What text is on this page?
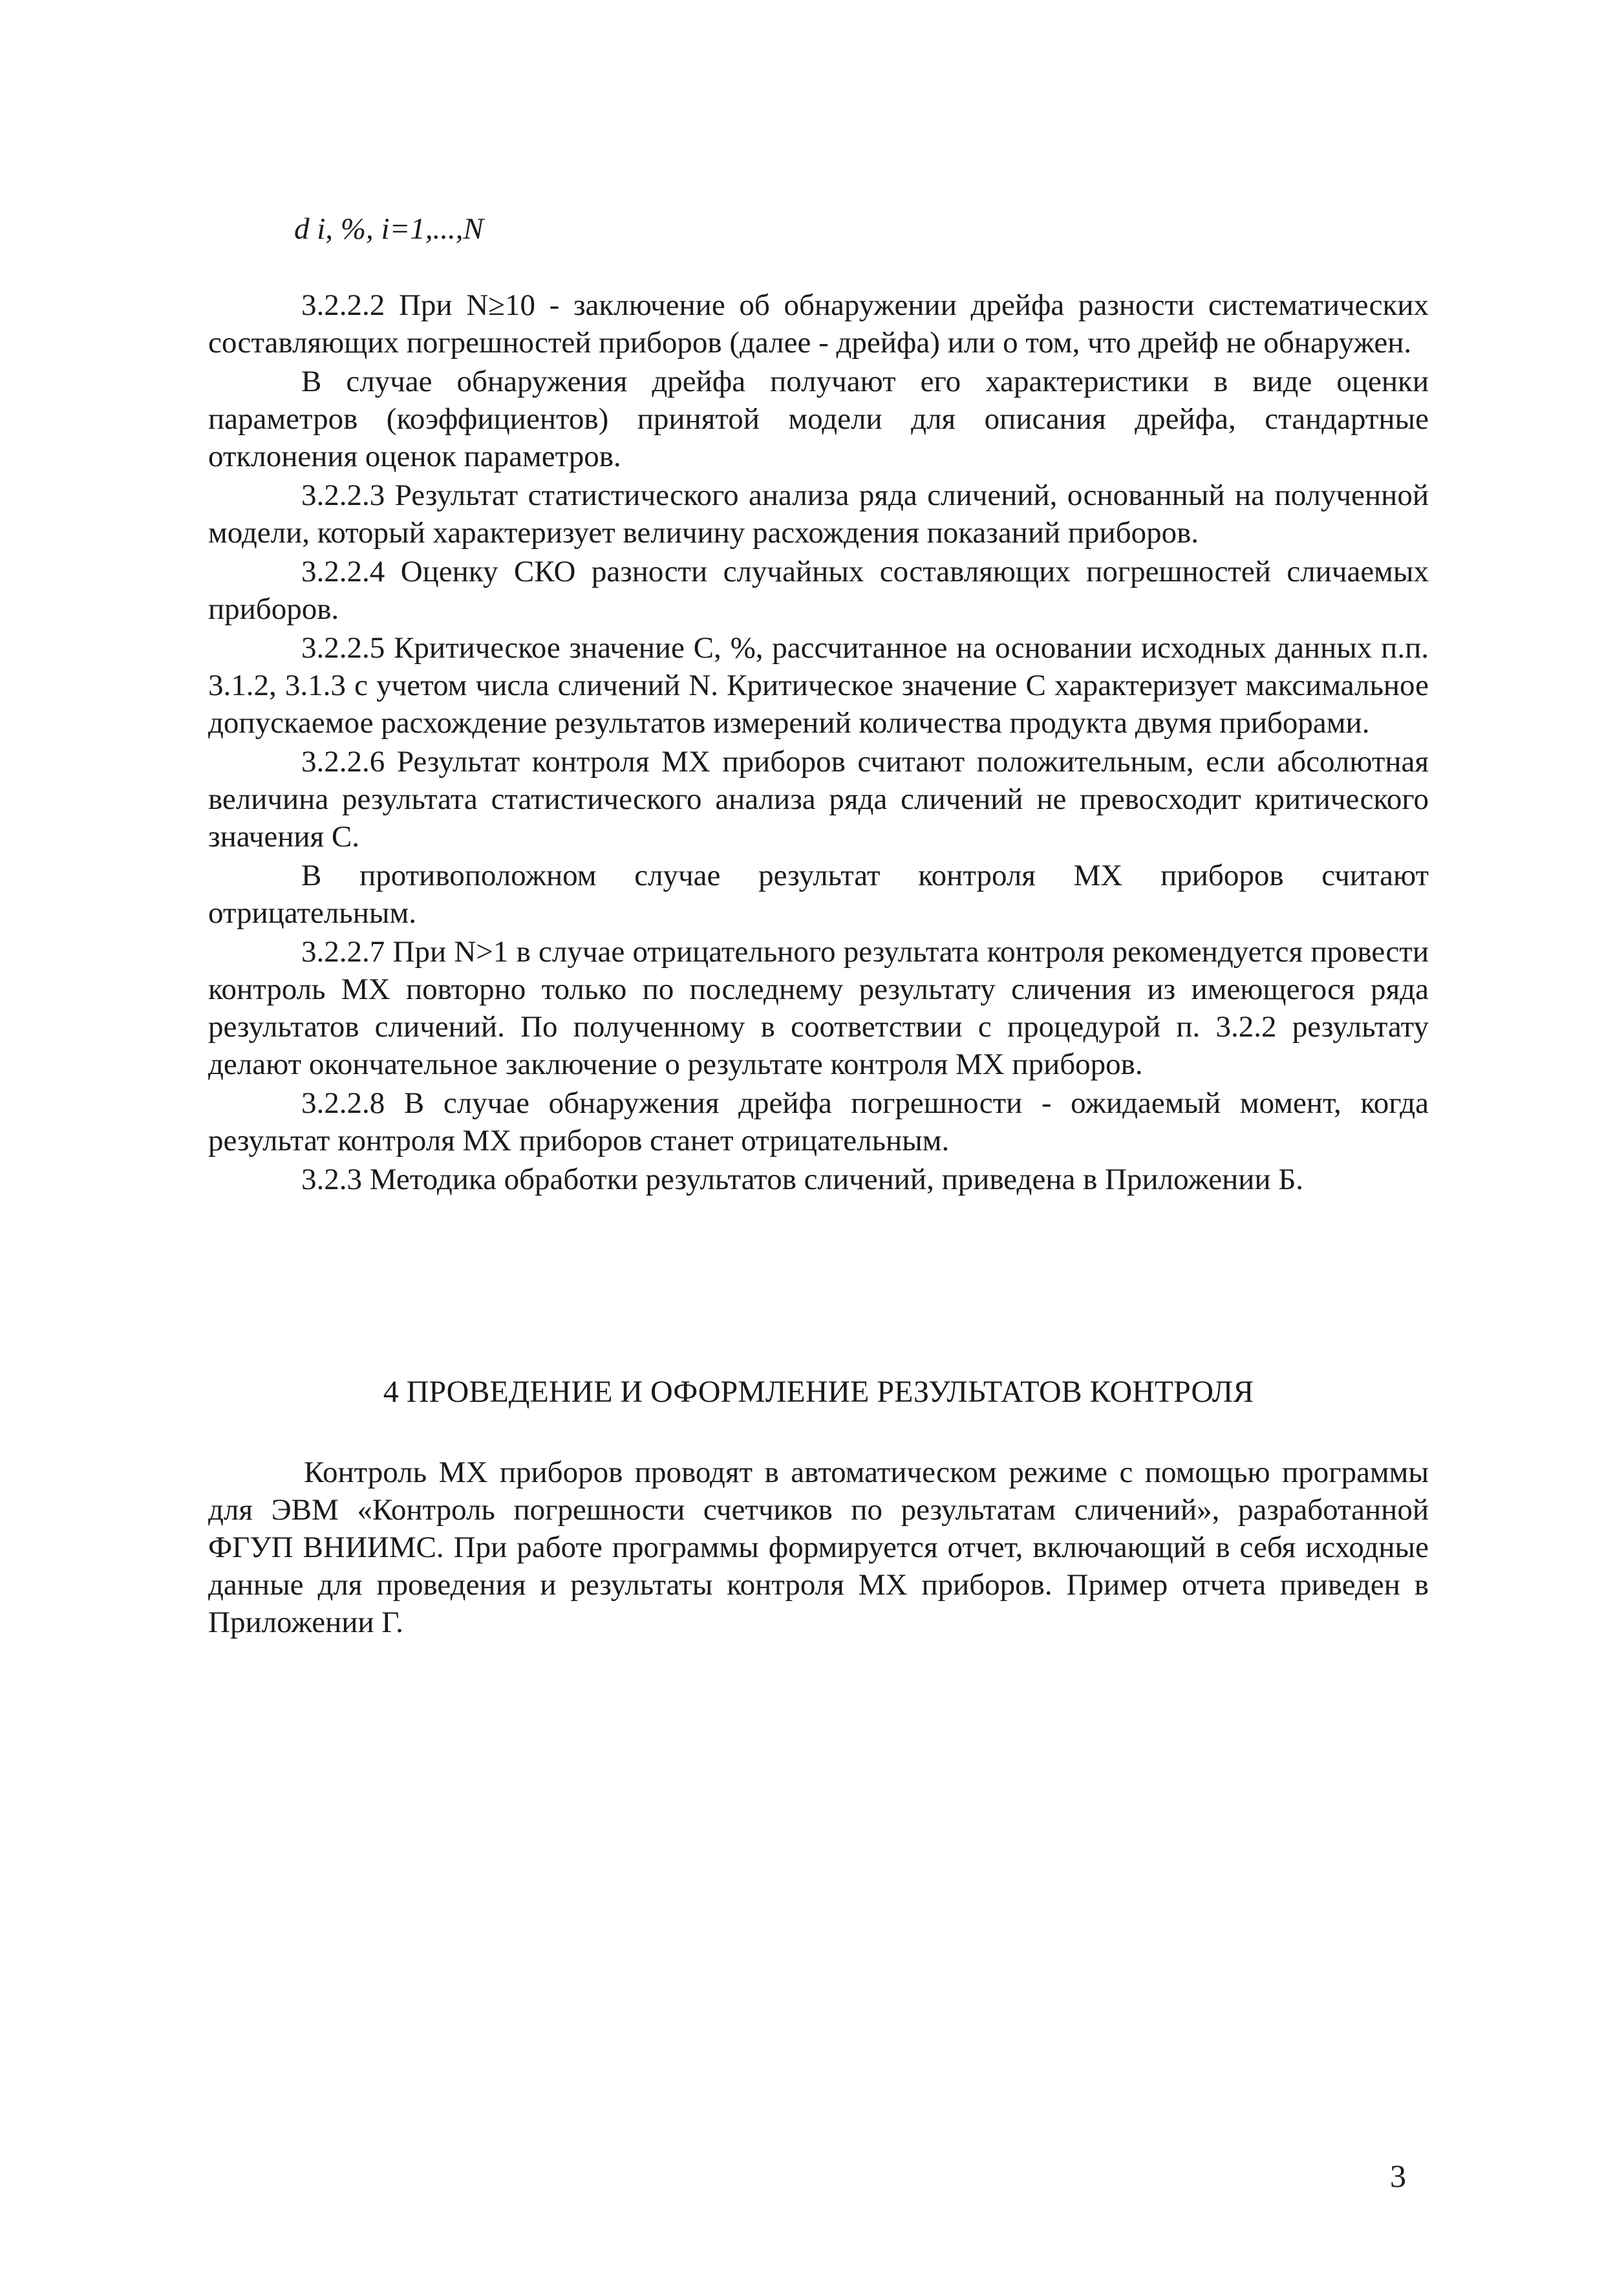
d i, %, i=1,...,N

3.2.2.2 При N≥10 - заключение об обнаружении дрейфа разности систематических составляющих погрешностей приборов (далее - дрейфа) или о том, что дрейф не обнаружен.

В случае обнаружения дрейфа получают его характеристики в виде оценки параметров (коэффициентов) принятой модели для описания дрейфа, стандартные отклонения оценок параметров.

3.2.2.3 Результат статистического анализа ряда сличений, основанный на полученной модели, который характеризует величину расхождения показаний приборов.

3.2.2.4 Оценку СКО разности случайных составляющих погрешностей сличаемых приборов.

3.2.2.5 Критическое значение C, %, рассчитанное на основании исходных данных п.п. 3.1.2, 3.1.3 с учетом числа сличений N. Критическое значение C характеризует максимальное допускаемое расхождение результатов измерений количества продукта двумя приборами.

3.2.2.6 Результат контроля МХ приборов считают положительным, если абсолютная величина результата статистического анализа ряда сличений не превосходит критического значения С.

В противоположном случае результат контроля МХ приборов считают отрицательным.

3.2.2.7 При N>1 в случае отрицательного результата контроля рекомендуется провести контроль МХ повторно только по последнему результату сличения из имеющегося ряда результатов сличений. По полученному в соответствии с процедурой п. 3.2.2 результату делают окончательное заключение о результате контроля МХ приборов.

3.2.2.8 В случае обнаружения дрейфа погрешности - ожидаемый момент, когда результат контроля МХ приборов станет отрицательным.

3.2.3 Методика обработки результатов сличений, приведена в Приложении Б.

4 ПРОВЕДЕНИЕ И ОФОРМЛЕНИЕ РЕЗУЛЬТАТОВ КОНТРОЛЯ

Контроль МХ приборов проводят в автоматическом режиме с помощью программы для ЭВМ «Контроль погрешности счетчиков по результатам сличений», разработанной ФГУП ВНИИМС. При работе программы формируется отчет, включающий в себя исходные данные для проведения и результаты контроля МХ приборов. Пример отчета приведен в Приложении Г.

3
